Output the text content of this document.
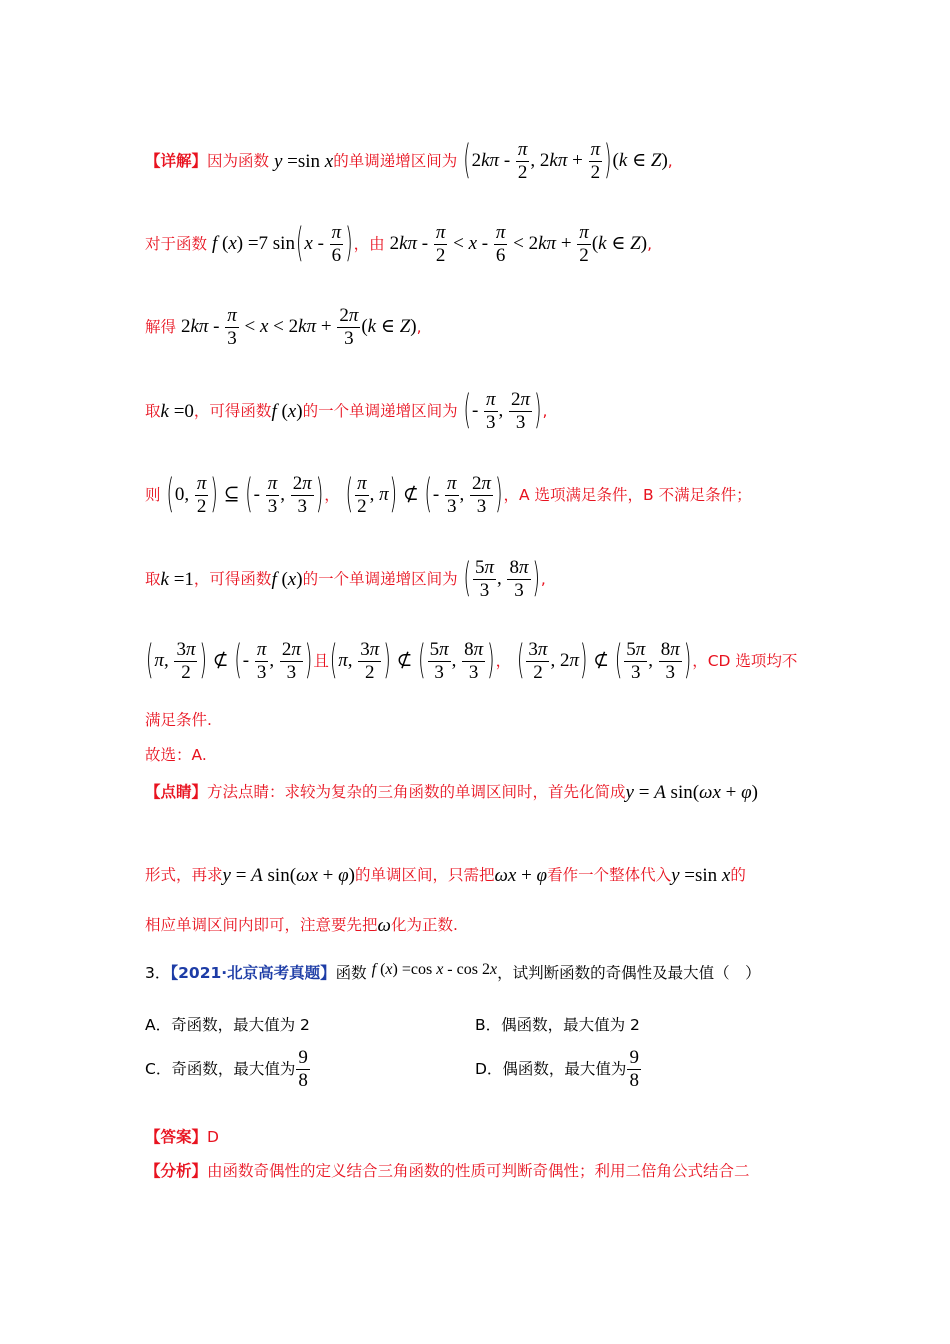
【详解】因为函数 y =sin x的单调递增区间为 ($2k\pi - \frac{\pi}{2}$ , $2k\pi + \frac{\pi}{2} )(k$ ∈ Z),
对于函数 f (x) =7 $\sin(x - \frac{\pi}{6}$ )，由 $2k\pi - \frac{\pi}{2} < x - \frac{\pi}{6} < 2k\pi + \frac{\pi}{2} (k$ ∈ Z),
解得 $2k\pi - \frac{\pi}{3} < x < 2k\pi + \frac{2\pi}{3} (k$ ∈ Z),
取k =0，可得函数f (x)的一个单调递增区间为 (- $\frac{\pi}{3}$ , $\frac{2\pi}{3}$ ),
则 (0, $\frac{\pi}{2}$ ) ⊆ (- $\frac{\pi}{3}$ , $\frac{2\pi}{3}$ )， ( $\frac{\pi}{2}$ , π) ⊄ (- $\frac{\pi}{3}$ , $\frac{2\pi}{3}$ )，A 选项满足条件，B 不满足条件；
取k =1，可得函数f (x)的一个单调递增区间为 ( $\frac{5\pi}{3}$ , $\frac{8\pi}{3}$ ),
(π, $\frac{3\pi}{2}$ ) ⊄ (- $\frac{\pi}{3}$ , $\frac{2\pi}{3}$ )且(π, $\frac{3\pi}{2}$ ) ⊄ ( $\frac{5\pi}{3}$ , $\frac{8\pi}{3}$ )， ( $\frac{3\pi}{2}$ , 2π) ⊄ ( $\frac{5\pi}{3}$ , $\frac{8\pi}{3}$ )，CD 选项均不
满足条件.
故选：A.
【点睛】方法点睛：求较为复杂的三角函数的单调区间时，首先化简成y = A sin(ωx + φ)
形式，再求y = A sin(ωx + φ)的单调区间，只需把ωx + φ看作一个整体代入y =sin x的
相应单调区间内即可，注意要先把ω化为正数.
3．【2021·北京高考真题】函数 f (x) =cos x - cos 2x，试判断函数的奇偶性及最大值（　）
A．奇函数，最大值为 2	B．偶函数，最大值为 2
C．奇函数，最大值为 $\frac{9}{8}$	D．偶函数，最大值为 $\frac{9}{8}$
【答案】D
【分析】由函数奇偶性的定义结合三角函数的性质可判断奇偶性；利用二倍角公式结合二
